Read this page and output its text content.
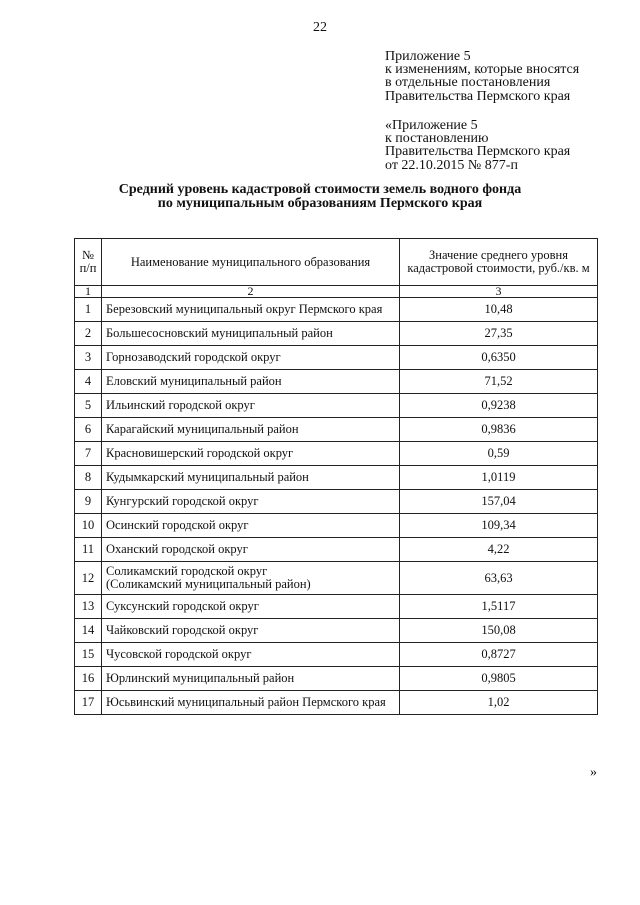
22
Приложение 5
к изменениям, которые вносятся
в отдельные постановления
Правительства Пермского края
«Приложение 5
к постановлению
Правительства Пермского края
от 22.10.2015 № 877-п
Средний уровень кадастровой стоимости земель водного фонда
по муниципальным образованиям Пермского края
№
п/п	Наименование муниципального образования	Значение среднего уровня
кадастровой стоимости, руб./кв. м

1	2	3
1	Березовский муниципальный округ Пермского края	10,48
2	Большесосновский муниципальный район	27,35
3	Горнозаводский городской округ	0,6350
4	Еловский муниципальный район	71,52
5	Ильинский городской округ	0,9238
6	Карагайский муниципальный район	0,9836
7	Красновишерский городской округ	0,59
8	Кудымкарский муниципальный район	1,0119
9	Кунгурский городской округ	157,04
10	Осинский городской округ	109,34
11	Оханский городской округ	4,22
12	Соликамский городской округ
(Соликамский муниципальный район)	63,63
13	Суксунский городской округ	1,5117
14	Чайковский городской округ	150,08
15	Чусовской городской округ	0,8727
16	Юрлинский муниципальный район	0,9805
17	Юсьвинский муниципальный район Пермского края	1,02
»
